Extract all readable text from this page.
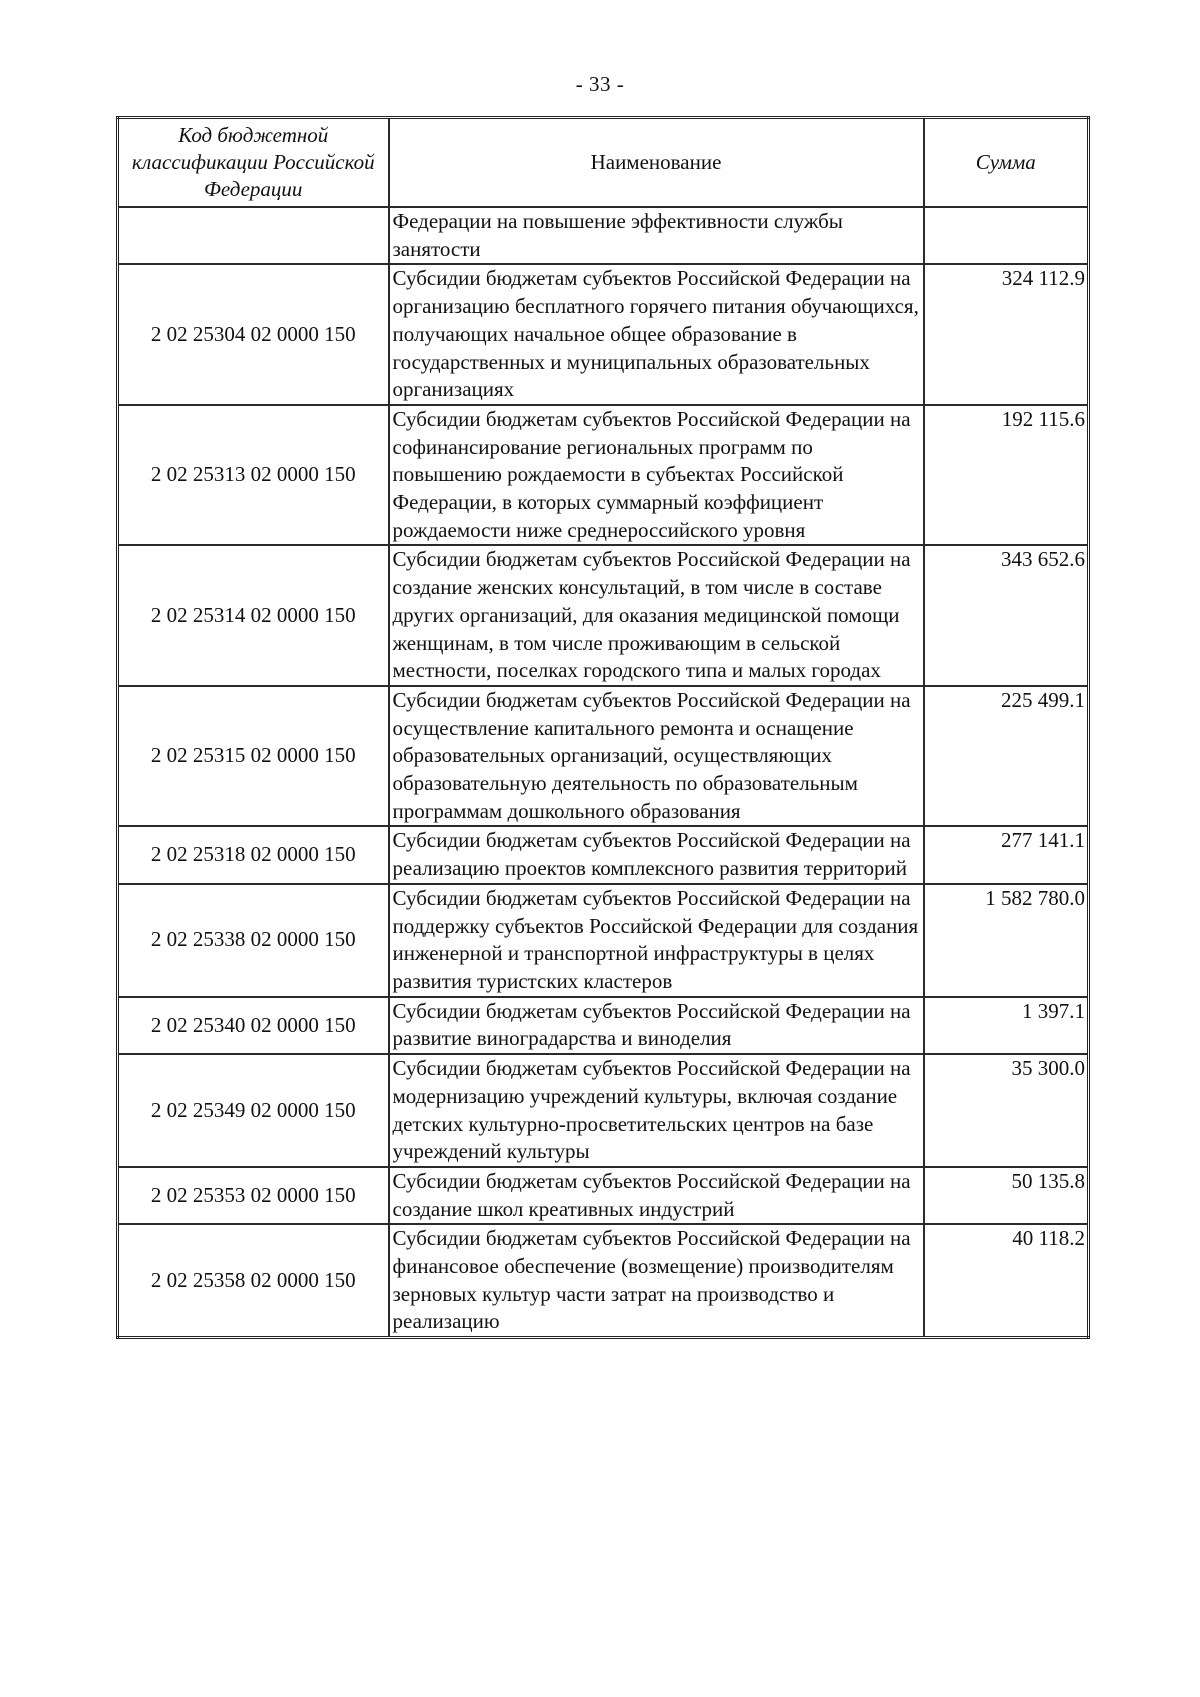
- 33 -
Код бюджетной классификации Российской Федерации	Наименование	Сумма
	Федерации на повышение эффективности службы занятости	
2 02 25304 02 0000 150	Субсидии бюджетам субъектов Российской Федерации на организацию бесплатного горячего питания обучающихся, получающих начальное общее образование в государственных и муниципальных образовательных организациях	324 112.9
2 02 25313 02 0000 150	Субсидии бюджетам субъектов Российской Федерации на софинансирование региональных программ по повышению рождаемости в субъектах Российской Федерации, в которых суммарный коэффициент рождаемости ниже среднероссийского уровня	192 115.6
2 02 25314 02 0000 150	Субсидии бюджетам субъектов Российской Федерации на создание женских консультаций, в том числе в составе других организаций, для оказания медицинской помощи женщинам, в том числе проживающим в сельской местности, поселках городского типа и малых городах	343 652.6
2 02 25315 02 0000 150	Субсидии бюджетам субъектов Российской Федерации на осуществление капитального ремонта и оснащение образовательных организаций, осуществляющих образовательную деятельность по образовательным программам дошкольного образования	225 499.1
2 02 25318 02 0000 150	Субсидии бюджетам субъектов Российской Федерации на реализацию проектов комплексного развития территорий	277 141.1
2 02 25338 02 0000 150	Субсидии бюджетам субъектов Российской Федерации на поддержку субъектов Российской Федерации для создания инженерной и транспортной инфраструктуры в целях развития туристских кластеров	1 582 780.0
2 02 25340 02 0000 150	Субсидии бюджетам субъектов Российской Федерации на развитие виноградарства и виноделия	1 397.1
2 02 25349 02 0000 150	Субсидии бюджетам субъектов Российской Федерации на модернизацию учреждений культуры, включая создание детских культурно-просветительских центров на базе учреждений культуры	35 300.0
2 02 25353 02 0000 150	Субсидии бюджетам субъектов Российской Федерации на создание школ креативных индустрий	50 135.8
2 02 25358 02 0000 150	Субсидии бюджетам субъектов Российской Федерации на финансовое обеспечение (возмещение) производителям зерновых культур части затрат на производство и реализацию	40 118.2
